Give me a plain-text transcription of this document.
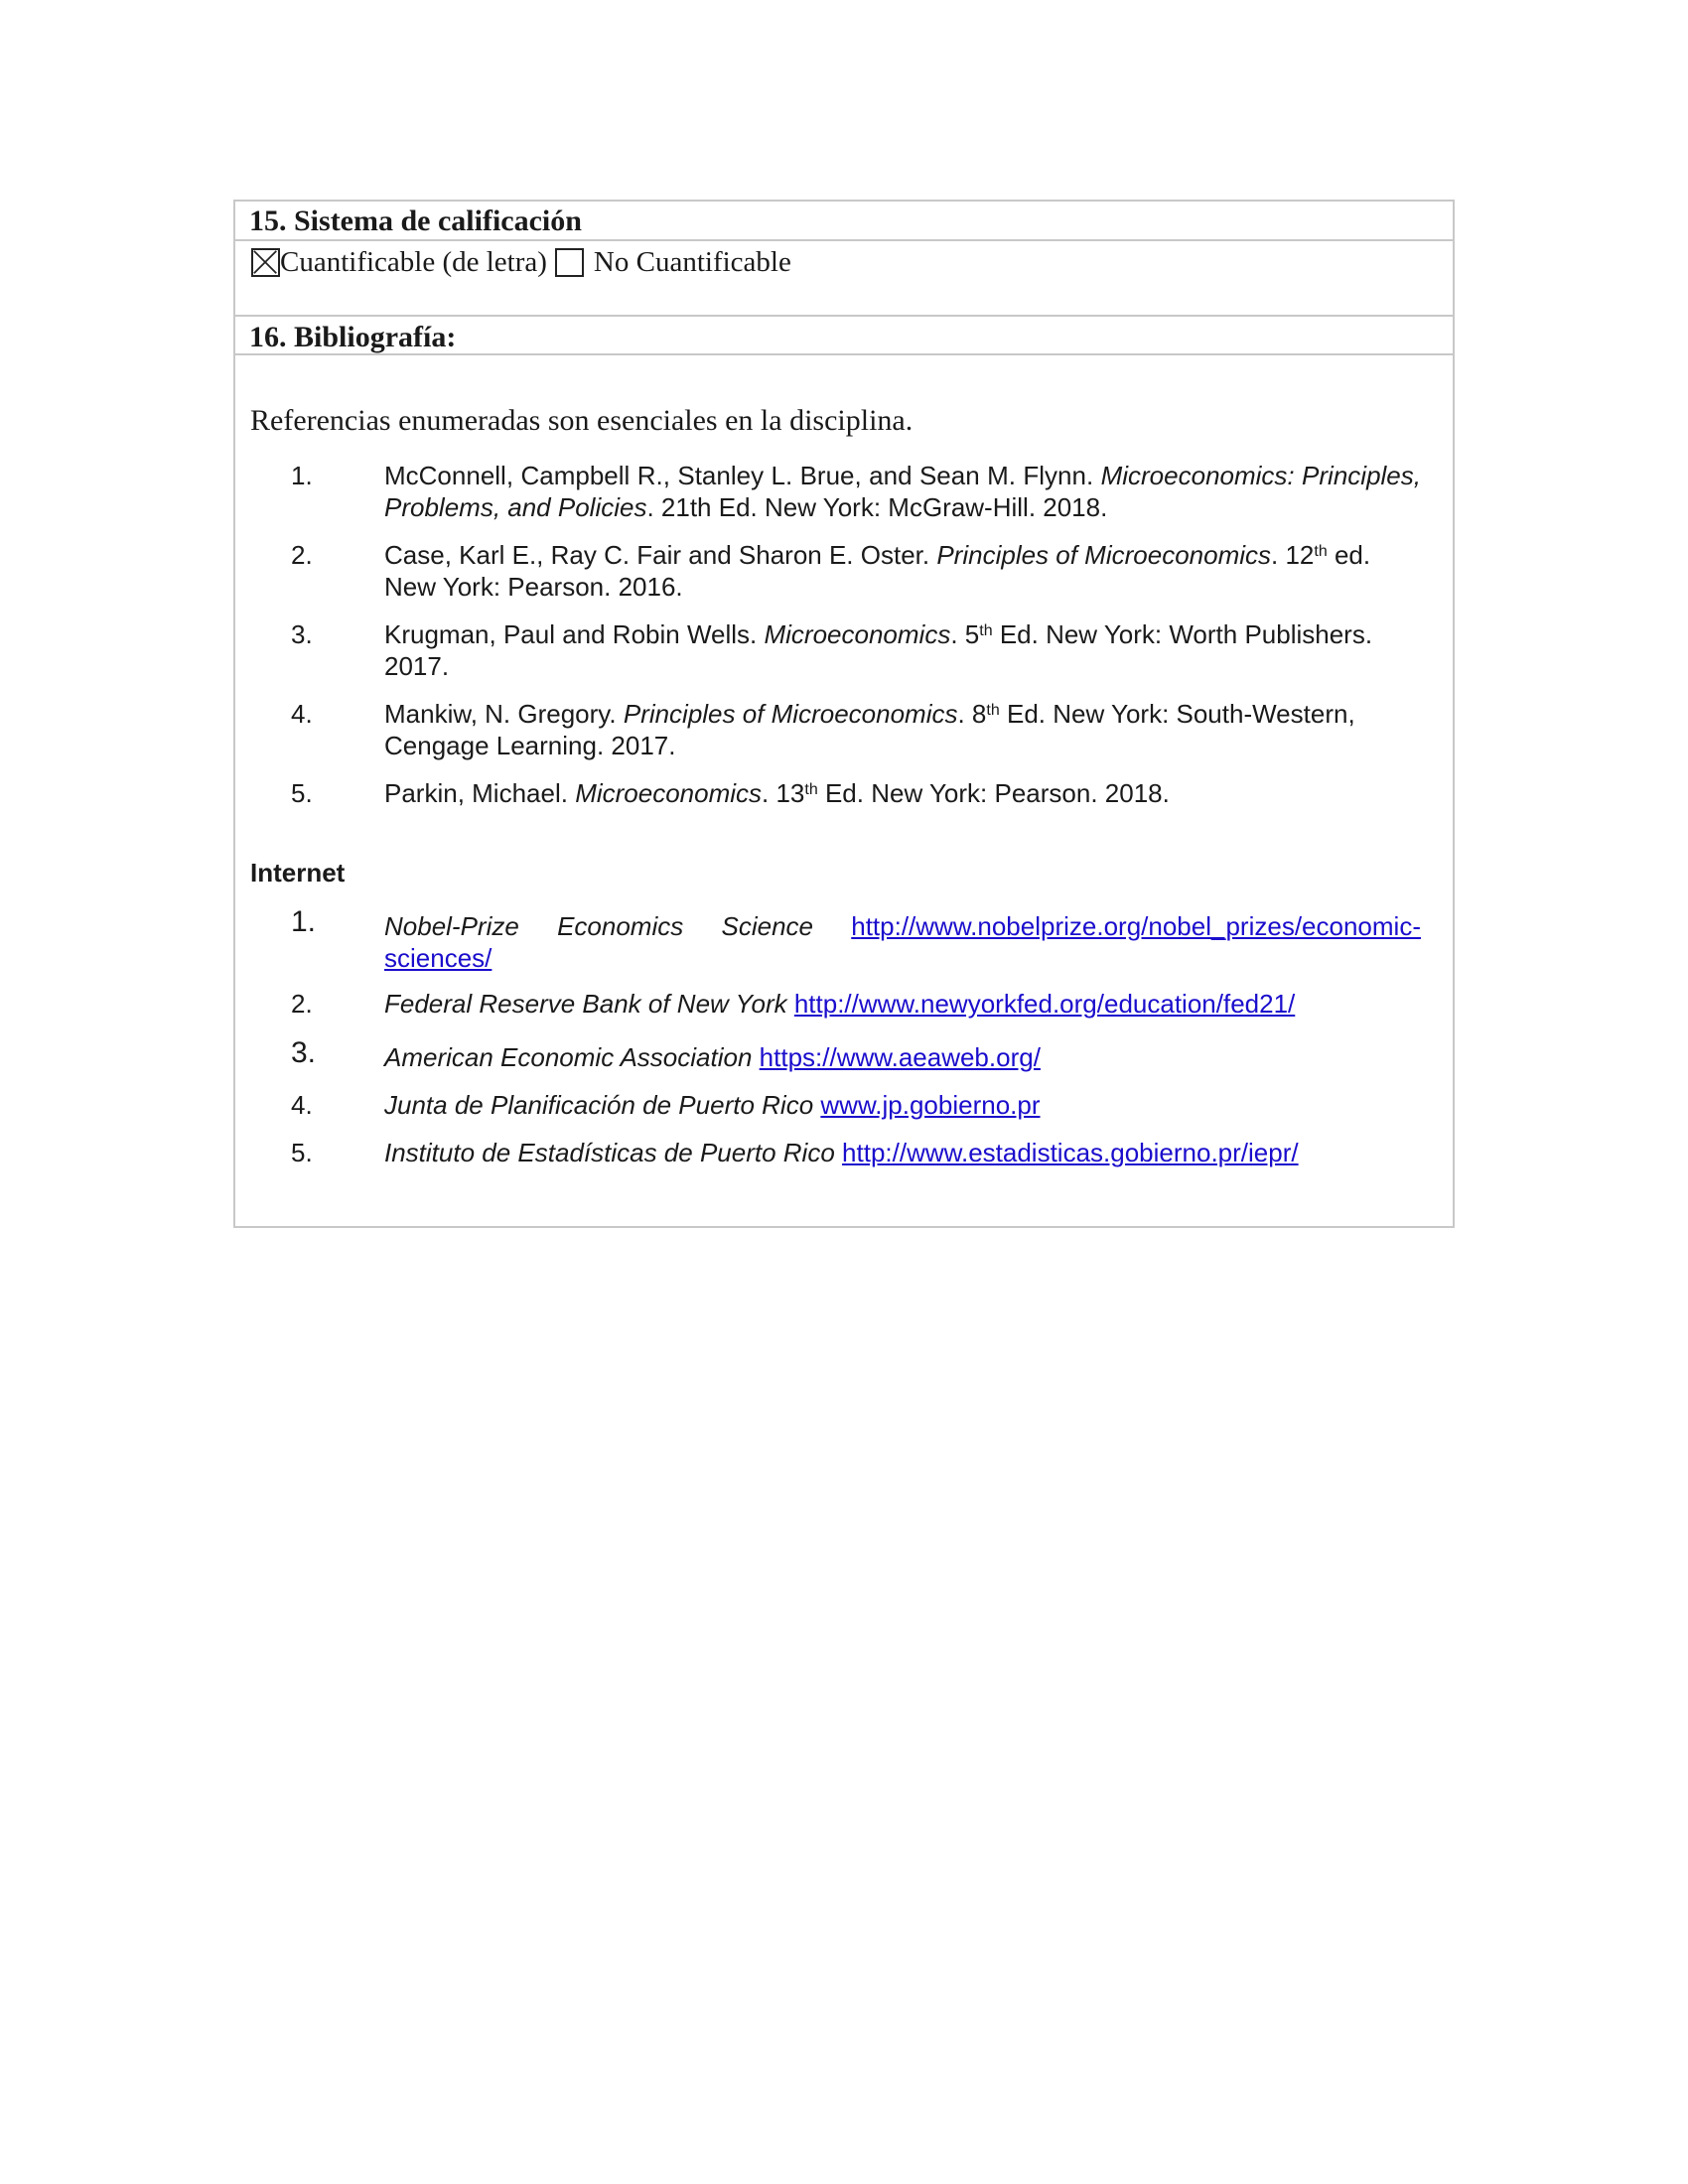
15. Sistema de calificación
Cuantificable (de letra) No Cuantificable
16. Bibliografía:
Referencias enumeradas son esenciales en la disciplina.
1.	McConnell, Campbell R., Stanley L. Brue, and Sean M. Flynn. Microeconomics: Principles, Problems, and Policies. 21th Ed. New York: McGraw-Hill. 2018.
2.	Case, Karl E., Ray C. Fair and Sharon E. Oster. Principles of Microeconomics. 12th ed. New York: Pearson. 2016.
3.	Krugman, Paul and Robin Wells. Microeconomics. 5th Ed. New York: Worth Publishers. 2017.
4.	Mankiw, N. Gregory. Principles of Microeconomics. 8th Ed. New York: South-Western, Cengage Learning. 2017.
5.	Parkin, Michael. Microeconomics. 13th Ed. New York: Pearson. 2018.
Internet
1.	Nobel-Prize Economics Science http://www.nobelprize.org/nobel_prizes/economic-
sciences/
2.	Federal Reserve Bank of New York http://www.newyorkfed.org/education/fed21/
3.	American Economic Association https://www.aeaweb.org/
4.	Junta de Planificación de Puerto Rico www.jp.gobierno.pr
5.	Instituto de Estadísticas de Puerto Rico http://www.estadisticas.gobierno.pr/iepr/
